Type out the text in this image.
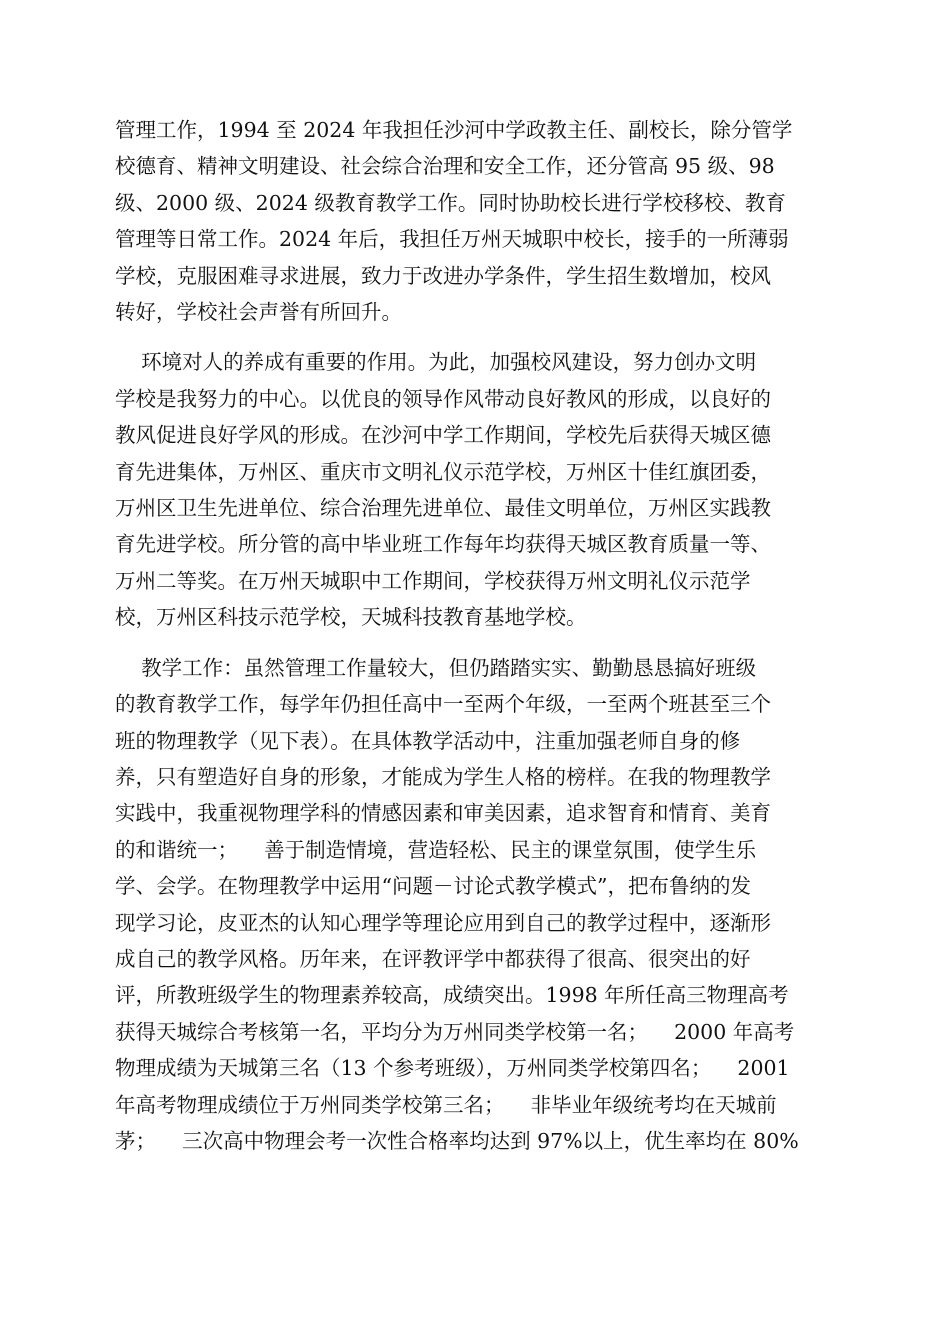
管理工作，1994 至 2024 年我担任沙河中学政教主任、副校长，除分管学
校德育、精神文明建设、社会综合治理和安全工作，还分管高 95 级、98
级、2000 级、2024 级教育教学工作。同时协助校长进行学校移校、教育
管理等日常工作。2024 年后，我担任万州天城职中校长，接手的一所薄弱
学校，克服困难寻求进展，致力于改进办学条件，学生招生数增加，校风
转好，学校社会声誉有所回升。

环境对人的养成有重要的作用。为此，加强校风建设，努力创办文明
学校是我努力的中心。以优良的领导作风带动良好教风的形成，以良好的
教风促进良好学风的形成。在沙河中学工作期间，学校先后获得天城区德
育先进集体，万州区、重庆市文明礼仪示范学校，万州区十佳红旗团委，
万州区卫生先进单位、综合治理先进单位、最佳文明单位，万州区实践教
育先进学校。所分管的高中毕业班工作每年均获得天城区教育质量一等、
万州二等奖。在万州天城职中工作期间，学校获得万州文明礼仪示范学
校，万州区科技示范学校，天城科技教育基地学校。

教学工作：虽然管理工作量较大，但仍踏踏实实、勤勤恳恳搞好班级
的教育教学工作，每学年仍担任高中一至两个年级，一至两个班甚至三个
班的物理教学（见下表）。在具体教学活动中，注重加强老师自身的修
养，只有塑造好自身的形象，才能成为学生人格的榜样。在我的物理教学
实践中，我重视物理学科的情感因素和审美因素，追求智育和情育、美育
的和谐统一；    善于制造情境，营造轻松、民主的课堂氛围，使学生乐
学、会学。在物理教学中运用“问题－讨论式教学模式”，把布鲁纳的发
现学习论，皮亚杰的认知心理学等理论应用到自己的教学过程中，逐渐形
成自己的教学风格。历年来，在评教评学中都获得了很高、很突出的好
评，所教班级学生的物理素养较高，成绩突出。1998 年所任高三物理高考
获得天城综合考核第一名，平均分为万州同类学校第一名；    2000 年高考
物理成绩为天城第三名（13 个参考班级），万州同类学校第四名；    2001
年高考物理成绩位于万州同类学校第三名；    非毕业年级统考均在天城前
茅；    三次高中物理会考一次性合格率均达到 97%以上，优生率均在 80%
